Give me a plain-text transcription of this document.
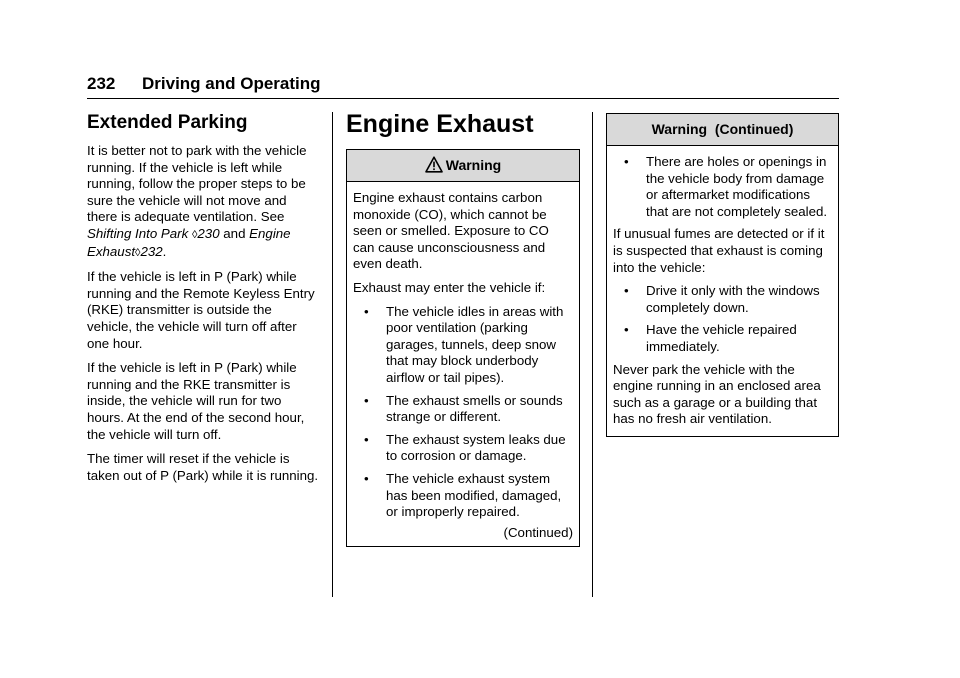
232 Driving and Operating
Extended Parking

It is better not to park with the vehicle running. If the vehicle is left while running, follow the proper steps to be sure the vehicle will not move and there is adequate ventilation. See Shifting Into Park ◊230 and Engine Exhaust◊232.

If the vehicle is left in P (Park) while running and the Remote Keyless Entry (RKE) transmitter is outside the vehicle, the vehicle will turn off after one hour.

If the vehicle is left in P (Park) while running and the RKE transmitter is inside, the vehicle will run for two hours. At the end of the second hour, the vehicle will turn off.

The timer will reset if the vehicle is taken out of P (Park) while it is running.

Engine Exhaust
Warning

Engine exhaust contains carbon monoxide (CO), which cannot be seen or smelled. Exposure to CO can cause unconsciousness and even death.

Exhaust may enter the vehicle if:

• The vehicle idles in areas with poor ventilation (parking garages, tunnels, deep snow that may block underbody airflow or tail pipes).
• The exhaust smells or sounds strange or different.
• The exhaust system leaks due to corrosion or damage.
• The vehicle exhaust system has been modified, damaged, or improperly repaired.
(Continued)
Warning  (Continued)
• There are holes or openings in the vehicle body from damage or aftermarket modifications that are not completely sealed.

If unusual fumes are detected or if it is suspected that exhaust is coming into the vehicle:

• Drive it only with the windows completely down.
• Have the vehicle repaired immediately.

Never park the vehicle with the engine running in an enclosed area such as a garage or a building that has no fresh air ventilation.
